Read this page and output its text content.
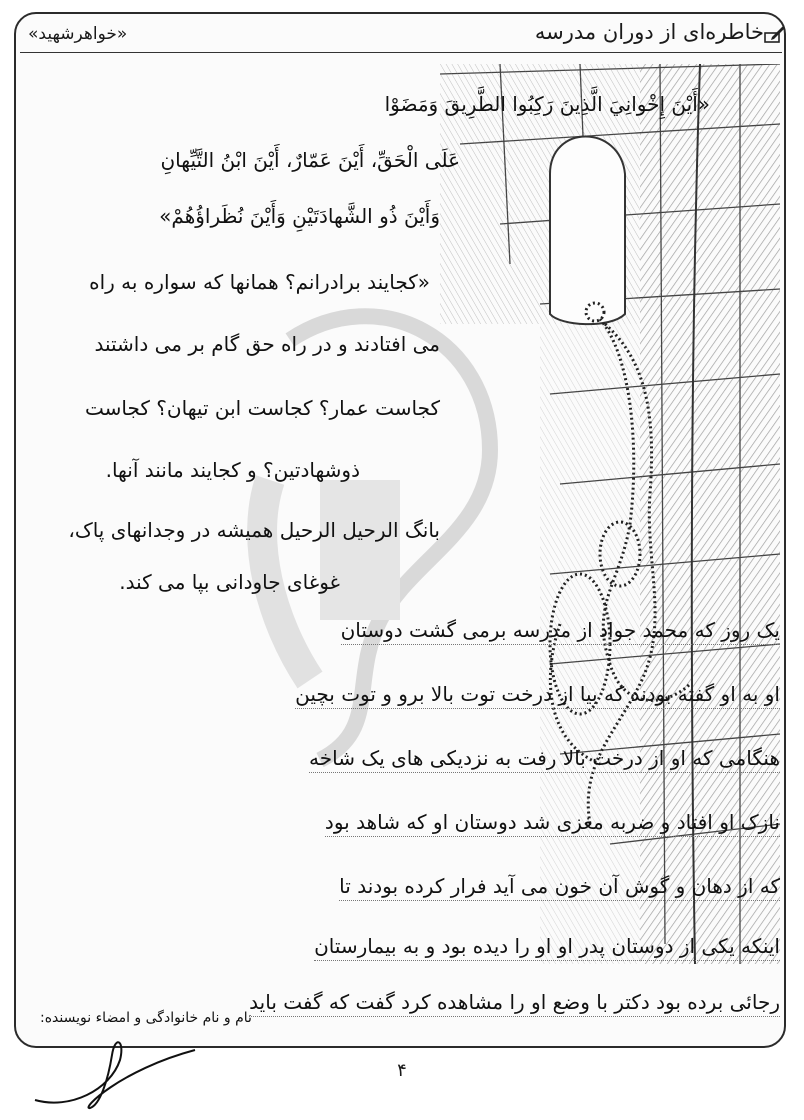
خاطره‌ای از دوران مدرسه
«خواهرشهید»
«أَيْنَ إِخْوانِيَ الَّذِينَ رَكِبُوا الطَّرِيقَ وَمَضَوْا
عَلَى الْحَقِّ، أَيْنَ عَمّارٌ، أَيْنَ ابْنُ التَّيِّهانِ
وَأَيْنَ ذُو الشَّهادَتَيْنِ وَأَيْنَ نُظَراؤُهُمْ»
«کجایند برادرانم؟ همانها که سواره به راه
می افتادند و در راه حق گام بر می داشتند
کجاست عمار؟ کجاست ابن تیهان؟ کجاست
ذوشهادتین؟ و کجایند مانند آنها.
بانگ الرحیل الرحیل همیشه در وجدانهای پاک،
غوغای جاودانی بپا می کند.
یک روز که محمد جواد از مدرسه برمی گشت دوستان
او به او گفته بودند که بیا از درخت توت بالا برو و توت بچین
هنگامی که او از درخت بالا رفت به نزدیکی های یک شاخه
نازک او افتاد و ضربه مغزی شد دوستان او که شاهد بود
که از دهان و گوش آن خون می آید فرار کرده بودند تا
اینکه یکی از دوستان پدر او او را دیده بود و به بیمارستان
رجائی برده بود دکتر با وضع او را مشاهده کرد گفت که گفت باید
نام و نام خانوادگی و امضاء نویسنده:
۴
